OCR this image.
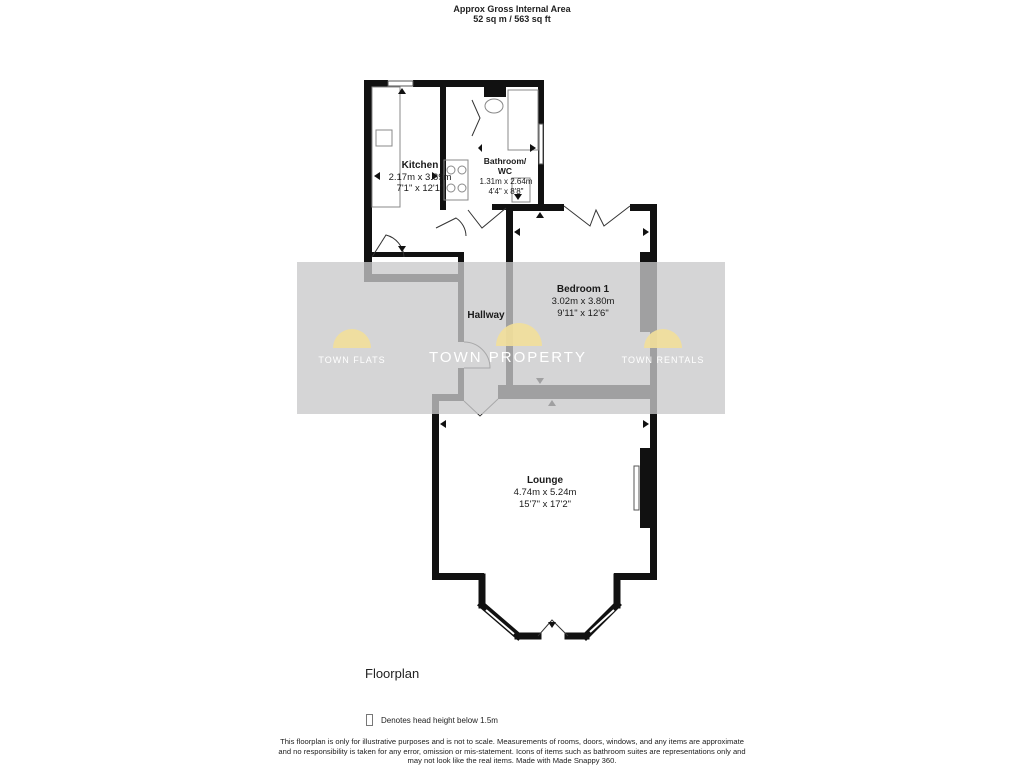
Approx Gross Internal Area
52 sq m / 563 sq ft
TOWN FLATS	TOWN PROPERTY	TOWN RENTALS
Kitchen
2.17m x 3.69m
7'1" x 12'1"
Bathroom/
WC
1.31m x 2.64m
4'4" x 8'8"
Bedroom 1
3.02m x 3.80m
9'11" x 12'6"
Hallway
Lounge
4.74m x 5.24m
15'7" x 17'2"
Floorplan
Denotes head height below 1.5m
This floorplan is only for illustrative purposes and is not to scale. Measurements of rooms, doors, windows, and any items are approximate
and no responsibility is taken for any error, omission or mis-statement. Icons of items such as bathroom suites are representations only and
may not look like the real items. Made with Made Snappy 360.
